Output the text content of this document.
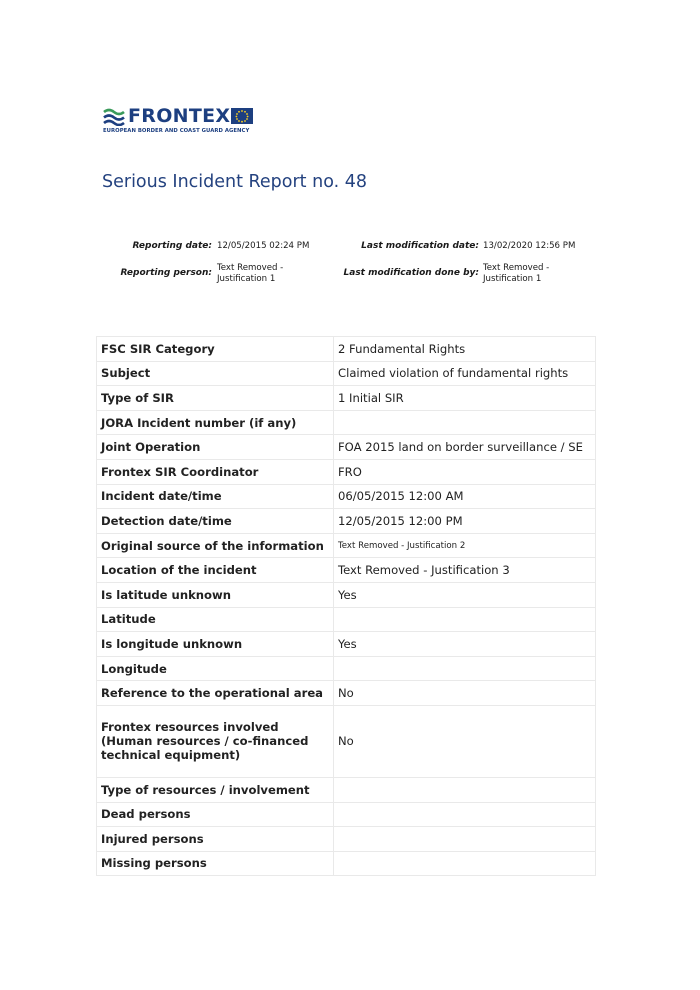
FRONTEX
EUROPEAN BORDER AND COAST GUARD AGENCY
Serious Incident Report no. 48
Reporting date: 12/05/2015 02:24 PM
Reporting person: Text Removed - Justification 1
Last modification date: 13/02/2020 12:56 PM
Last modification done by: Text Removed - Justification 1
FSC SIR Category	2 Fundamental Rights
Subject	Claimed violation of fundamental rights
Type of SIR	1 Initial SIR
JORA Incident number (if any)	
Joint Operation	FOA 2015 land on border surveillance / SE
Frontex SIR Coordinator	FRO
Incident date/time	06/05/2015 12:00 AM
Detection date/time	12/05/2015 12:00 PM
Original source of the information	Text Removed - Justification 2
Location of the incident	Text Removed - Justification 3
Is latitude unknown	Yes
Latitude	
Is longitude unknown	Yes
Longitude	
Reference to the operational area	No
Frontex resources involved (Human resources / co-financed technical equipment)	No
Type of resources / involvement	
Dead persons	
Injured persons	
Missing persons	
